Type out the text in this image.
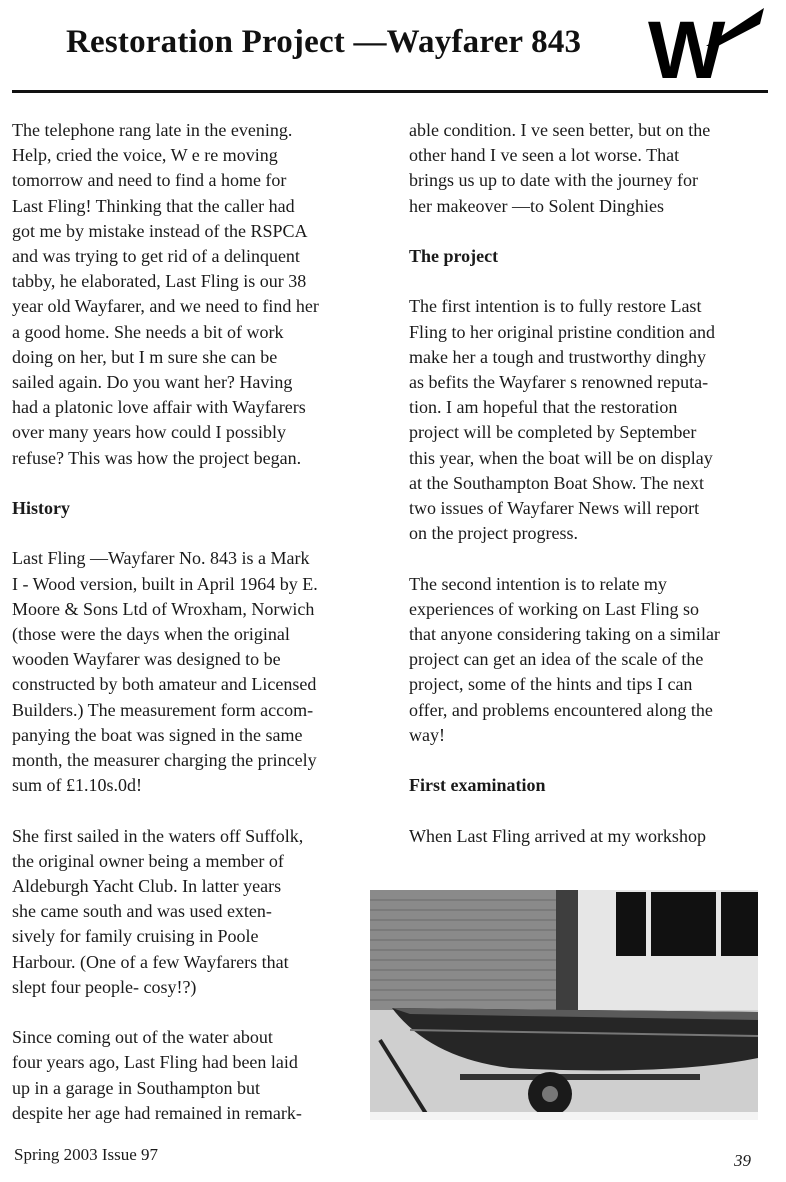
Restoration Project —Wayfarer 843 W

The telephone rang late in the evening.

Help, cried the voice, W e re moving

tomorrow and need to find a home for

Last Fling! Thinking that the caller had

got me by mistake instead of the RSPCA

and was trying to get rid of a delinquent

tabby, he elaborated, Last Fling is our 38

year old Wayfarer, and we need to find her

a good home. She needs a bit of work

doing on her, but I m sure she can be

sailed again. Do you want her? Having

had a platonic love affair with Wayfarers

over many years how could I possibly

refuse? This was how the project began.

History

Last Fling —Wayfarer No. 843 is a Mark

I - Wood version, built in April 1964 by E.

Moore & Sons Ltd of Wroxham, Norwich

(those were the days when the original

wooden Wayfarer was designed to be

constructed by both amateur and Licensed

Builders.) The measurement form accom-

panying the boat was signed in the same

month, the measurer charging the princely

sum of £1.10s.0d!

She first sailed in the waters off Suffolk,

the original owner being a member of

Aldeburgh Yacht Club. In latter years

she came south and was used exten-

sively for family cruising in Poole

Harbour. (One of a few Wayfarers that

slept four people- cosy!?)

Since coming out of the water about

four years ago, Last Fling had been laid

up in a garage in Southampton but

despite her age had remained in remark-

able condition. I ve seen better, but on the

other hand I ve seen a lot worse. That

brings us up to date with the journey for

her makeover —to Solent Dinghies

The project

The first intention is to fully restore Last

Fling to her original pristine condition and

make her a tough and trustworthy dinghy

as befits the Wayfarer s renowned reputa-

tion. I am hopeful that the restoration

project will be completed by September

this year, when the boat will be on display

at the Southampton Boat Show. The next

two issues of Wayfarer News will report

on the project progress.

The second intention is to relate my

experiences of working on Last Fling so

that anyone considering taking on a similar

project can get an idea of the scale of the

project, some of the hints and tips I can

offer, and problems encountered along the

way!

First examination

When Last Fling arrived at my workshop

Spring 2003 Issue 97	39
